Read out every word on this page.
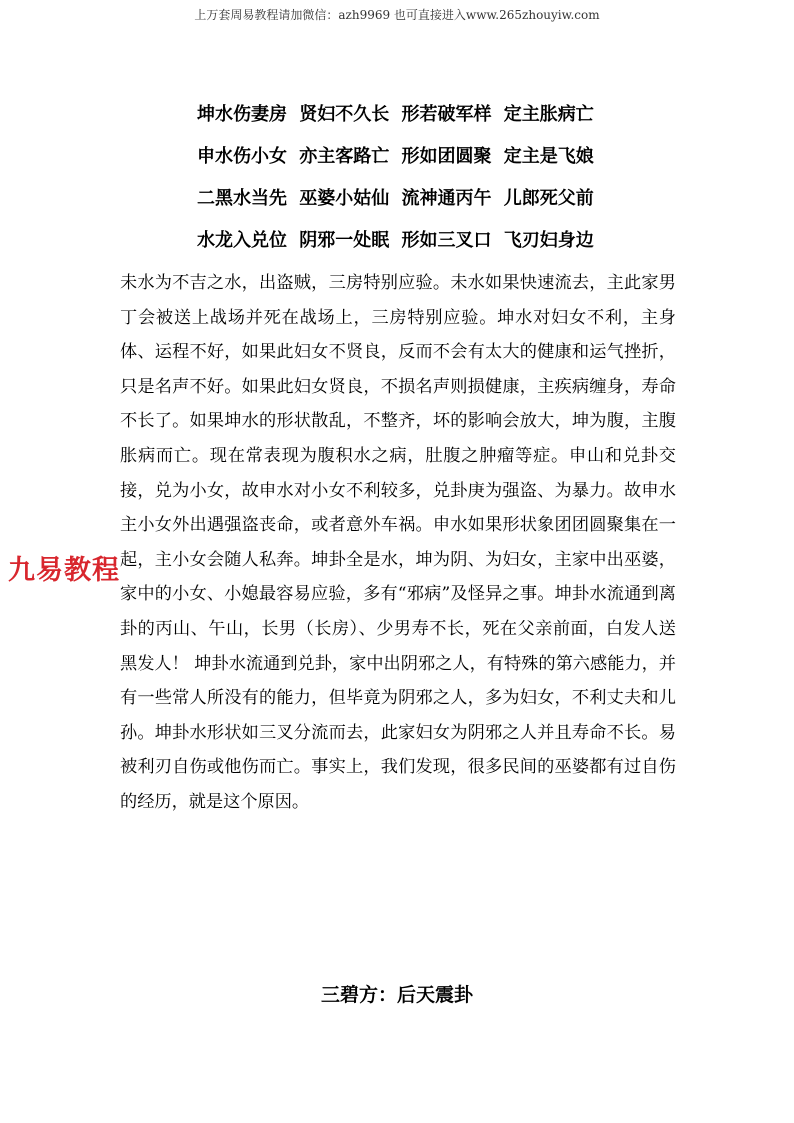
上万套周易教程请加微信：azh9969 也可直接进入www.265zhouyiw.com

坤水伤妻房 贤妇不久长 形若破军样 定主胀病亡

申水伤小女 亦主客路亡 形如团圆聚 定主是飞娘

二黑水当先 巫婆小姑仙 流神通丙午 儿郎死父前

水龙入兑位 阴邪一处眠 形如三叉口 飞刃妇身边

未水为不吉之水，出盗贼，三房特别应验。未水如果快速流去，主此家男丁会被送上战场并死在战场上，三房特别应验。坤水对妇女不利，主身体、运程不好，如果此妇女不贤良，反而不会有太大的健康和运气挫折，只是名声不好。如果此妇女贤良，不损名声则损健康，主疾病缠身，寿命不长了。如果坤水的形状散乱，不整齐，坏的影响会放大，坤为腹，主腹胀病而亡。现在常表现为腹积水之病，肚腹之肿瘤等症。申山和兑卦交接，兑为小女，故申水对小女不利较多，兑卦庚为强盗、为暴力。故申水主小女外出遇强盗丧命，或者意外车祸。申水如果形状象团团圆聚集在一起，主小女会随人私奔。坤卦全是水，坤为阴、为妇女，主家中出巫婆，家中的小女、小媳最容易应验，多有“邪病”及怪异之事。坤卦水流通到离卦的丙山、午山，长男（长房）、少男寿不长，死在父亲前面，白发人送黑发人！ 坤卦水流通到兑卦，家中出阴邪之人，有特殊的第六感能力，并有一些常人所没有的能力，但毕竟为阴邪之人，多为妇女，不利丈夫和儿孙。坤卦水形状如三叉分流而去，此家妇女为阴邪之人并且寿命不长。易被利刃自伤或他伤而亡。事实上，我们发现，很多民间的巫婆都有过自伤的经历，就是这个原因。

三碧方：后天震卦
九易教程
